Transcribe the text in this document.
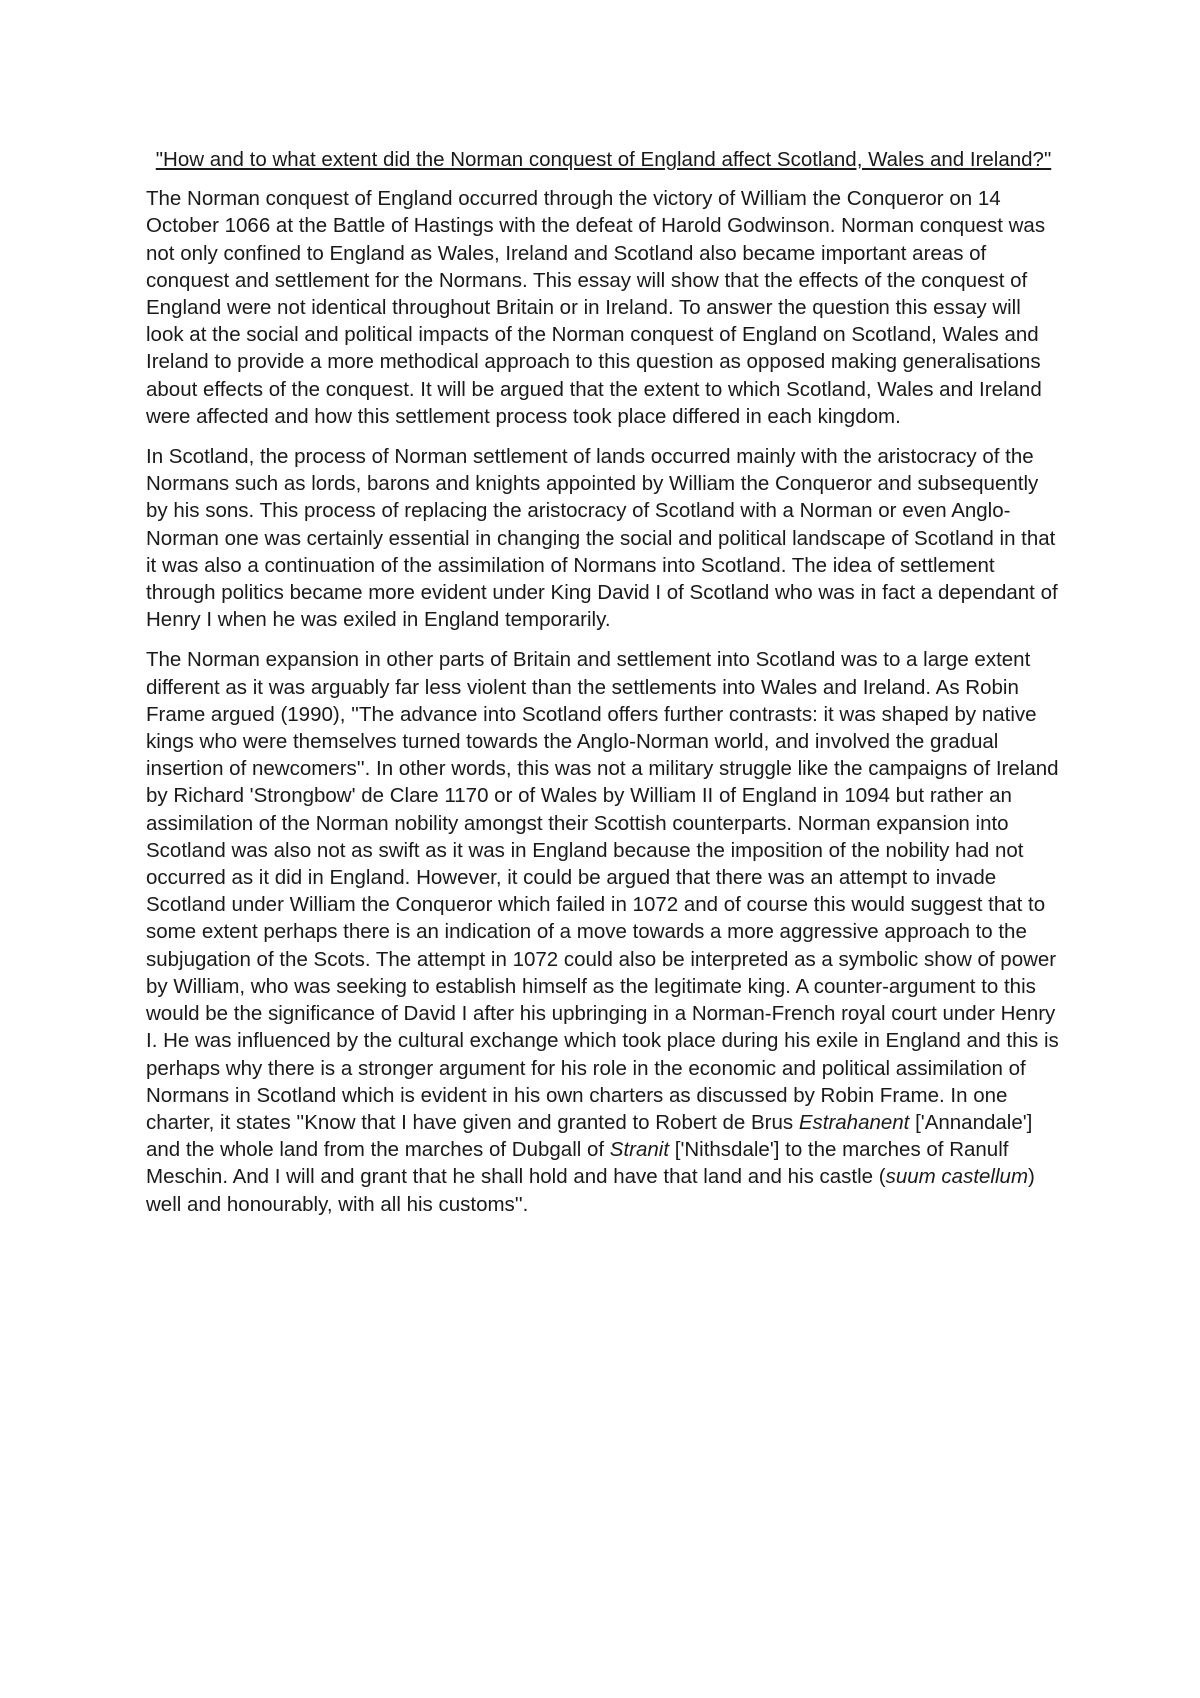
"How and to what extent did the Norman conquest of England affect Scotland, Wales and Ireland?"

The Norman conquest of England occurred through the victory of William the Conqueror on 14 October 1066 at the Battle of Hastings with the defeat of Harold Godwinson. Norman conquest was not only confined to England as Wales, Ireland and Scotland also became important areas of conquest and settlement for the Normans. This essay will show that the effects of the conquest of England were not identical throughout Britain or in Ireland. To answer the question this essay will look at the social and political impacts of the Norman conquest of England on Scotland, Wales and Ireland to provide a more methodical approach to this question as opposed making generalisations about effects of the conquest. It will be argued that the extent to which Scotland, Wales and Ireland were affected and how this settlement process took place differed in each kingdom.

In Scotland, the process of Norman settlement of lands occurred mainly with the aristocracy of the Normans such as lords, barons and knights appointed by William the Conqueror and subsequently by his sons. This process of replacing the aristocracy of Scotland with a Norman or even Anglo-Norman one was certainly essential in changing the social and political landscape of Scotland in that it was also a continuation of the assimilation of Normans into Scotland. The idea of settlement through politics became more evident under King David I of Scotland who was in fact a dependant of Henry I when he was exiled in England temporarily.

The Norman expansion in other parts of Britain and settlement into Scotland was to a large extent different as it was arguably far less violent than the settlements into Wales and Ireland. As Robin Frame argued (1990), ''The advance into Scotland offers further contrasts: it was shaped by native kings who were themselves turned towards the Anglo-Norman world, and involved the gradual insertion of newcomers''. In other words, this was not a military struggle like the campaigns of Ireland by Richard 'Strongbow' de Clare 1170 or of Wales by William II of England in 1094 but rather an assimilation of the Norman nobility amongst their Scottish counterparts. Norman expansion into Scotland was also not as swift as it was in England because the imposition of the nobility had not occurred as it did in England. However, it could be argued that there was an attempt to invade Scotland under William the Conqueror which failed in 1072 and of course this would suggest that to some extent perhaps there is an indication of a move towards a more aggressive approach to the subjugation of the Scots. The attempt in 1072 could also be interpreted as a symbolic show of power by William, who was seeking to establish himself as the legitimate king. A counter-argument to this would be the significance of David I after his upbringing in a Norman-French royal court under Henry I. He was influenced by the cultural exchange which took place during his exile in England and this is perhaps why there is a stronger argument for his role in the economic and political assimilation of Normans in Scotland which is evident in his own charters as discussed by Robin Frame. In one charter, it states ''Know that I have given and granted to Robert de Brus Estrahanent ['Annandale'] and the whole land from the marches of Dubgall of Stranit ['Nithsdale'] to the marches of Ranulf Meschin. And I will and grant that he shall hold and have that land and his castle (suum castellum) well and honourably, with all his customs''.
